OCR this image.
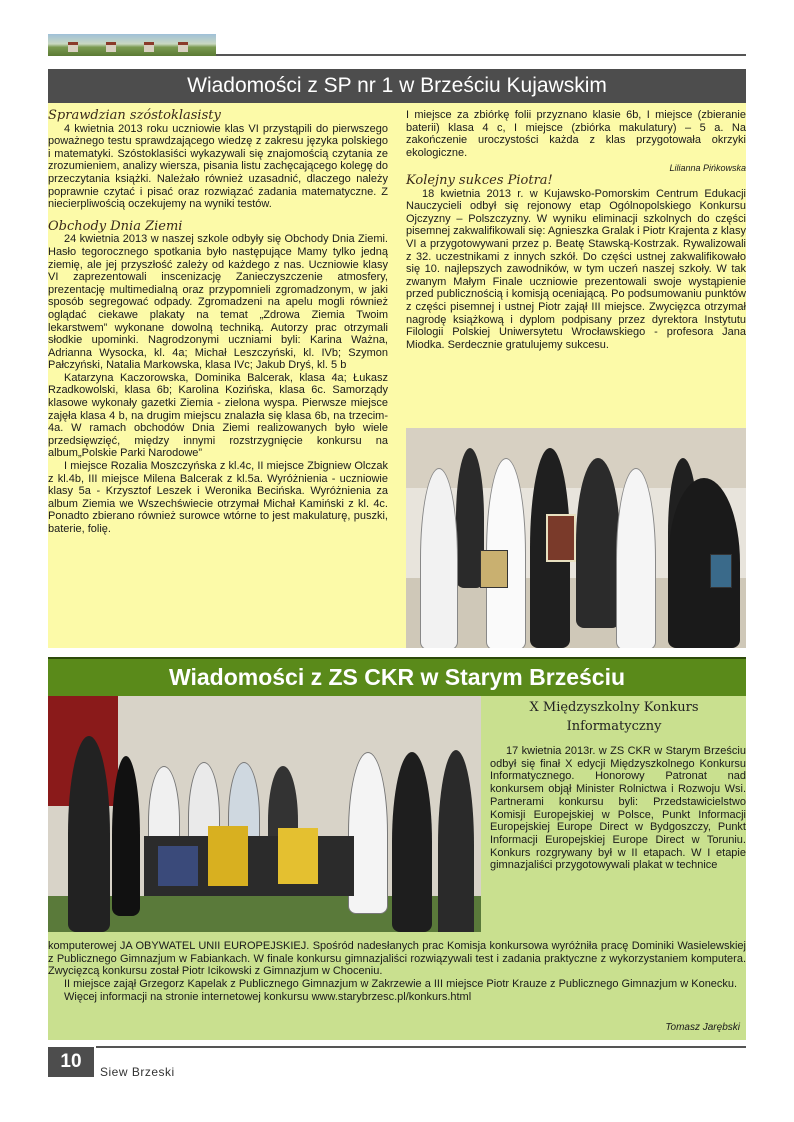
Wiadomości z SP nr 1 w Brześciu Kujawskim

Sprawdzian szóstoklasisty

4 kwietnia 2013 roku uczniowie klas VI przystąpili do pierwszego poważnego testu sprawdzającego wiedzę z zakresu języka polskiego i matematyki. Szóstoklasiści wykazywali się znajomością czytania ze zrozumieniem, analizy wiersza, pisania listu zachęcającego kolegę do przeczytania książki. Należało również uzasadnić, dlaczego należy poprawnie czytać i pisać oraz rozwiązać zadania matematyczne. Z niecierpliwością oczekujemy na wyniki testów.

Obchody Dnia Ziemi

24 kwietnia 2013 w naszej szkole odbyły się Obchody Dnia Ziemi. Hasło tegorocznego spotkania było następujące Mamy tylko jedną ziemię, ale jej przyszłość zależy od każdego z nas. Uczniowie klasy VI zaprezentowali inscenizację Zanieczyszczenie atmosfery, prezentację multimedialną oraz przypomnieli zgromadzonym, w jaki sposób segregować odpady. Zgromadzeni na apelu mogli również oglądać ciekawe plakaty na temat „Zdrowa Ziemia Twoim lekarstwem” wykonane dowolną techniką. Autorzy prac otrzymali słodkie upominki. Nagrodzonymi uczniami byli: Karina Ważna, Adrianna Wysocka, kl. 4a; Michał Leszczyński, kl. IVb; Szymon Pałczyński, Natalia Markowska, klasa IVc; Jakub Dryś, kl. 5 b

Katarzyna Kaczorowska, Dominika Balcerak, klasa 4a; Łukasz Rzadkowolski, klasa 6b; Karolina Kozińska, klasa 6c. Samorządy klasowe wykonały gazetki Ziemia - zielona wyspa. Pierwsze miejsce zajęła klasa 4 b, na drugim miejscu znalazła się klasa 6b, na trzecim- 4a. W ramach obchodów Dnia Ziemi realizowanych było wiele przedsięwzięć, między innymi rozstrzygnięcie konkursu na album„Polskie Parki Narodowe”

I miejsce Rozalia Moszczyńska z kl.4c, II miejsce Zbigniew Olczak z kl.4b, III miejsce Milena Balcerak z kl.5a. Wyróżnienia - uczniowie klasy 5a - Krzysztof Leszek i Weronika Becińska. Wyróżnienia za album Ziemia we Wszechświecie otrzymał Michał Kamiński z kl. 4c. Ponadto zbierano również surowce wtórne to jest makulaturę, puszki, baterie, folię.

I miejsce za zbiórkę folii przyznano klasie 6b, I miejsce (zbieranie baterii) klasa 4 c, I miejsce (zbiórka makulatury) – 5 a. Na zakończenie uroczystości każda z klas przygotowała okrzyki ekologiczne.

Lilianna Pińkowska

Kolejny sukces Piotra!

18 kwietnia 2013 r. w Kujawsko-Pomorskim Centrum Edukacji Nauczycieli odbył się rejonowy etap Ogólnopolskiego Konkursu Ojczyzny – Polszczyzny. W wyniku eliminacji szkolnych do części pisemnej zakwalifikowali się: Agnieszka Gralak i Piotr Krajenta z klasy VI a przygotowywani przez p. Beatę Stawską-Kostrzak. Rywalizowali z 32. uczestnikami z innych szkół. Do części ustnej zakwalifikowało się 10. najlepszych zawodników, w tym uczeń naszej szkoły. W tak zwanym Małym Finale uczniowie prezentowali swoje wystąpienie przed publicznością i komisją oceniającą. Po podsumowaniu punktów z części pisemnej i ustnej Piotr zajął III miejsce. Zwycięzca otrzymał nagrodę książkową i dyplom podpisany przez dyrektora Instytutu Filologii Polskiej Uniwersytetu Wrocławskiego - profesora Jana Miodka. Serdecznie gratulujemy sukcesu.

Wiadomości z ZS CKR w Starym Brześciu
X Międzyszkolny Konkurs Informatyczny

17 kwietnia 2013r. w ZS CKR w Starym Brześciu odbył się finał X edycji Międzyszkolnego Konkursu Informatycznego. Honorowy Patronat nad konkursem objął Minister Rolnictwa i Rozwoju Wsi. Partnerami konkursu byli: Przedstawicielstwo Komisji Europejskiej w Polsce, Punkt Informacji Europejskiej Europe Direct w Bydgoszczy, Punkt Informacji Europejskiej Europe Direct w Toruniu. Konkurs rozgrywany był w II etapach. W I etapie gimnazjaliści przygotowywali plakat w technice

komputerowej JA OBYWATEL UNII EUROPEJSKIEJ. Spośród nadesłanych prac Komisja konkursowa wyróżniła pracę Dominiki Wasielewskiej z Publicznego Gimnazjum w Fabiankach. W finale konkursu gimnazjaliści rozwiązywali test i zadania praktyczne z wykorzystaniem komputera. Zwycięzcą konkursu został Piotr Icikowski z Gimnazjum w Choceniu.

II miejsce zajął Grzegorz Kapelak z Publicznego Gimnazjum w Zakrzewie a III miejsce Piotr Krauze z Publicznego Gimnazjum w Konecku.

Więcej informacji na stronie internetowej konkursu www.starybrzesc.pl/konkurs.html

Tomasz Jarębski
10	Siew Brzeski
